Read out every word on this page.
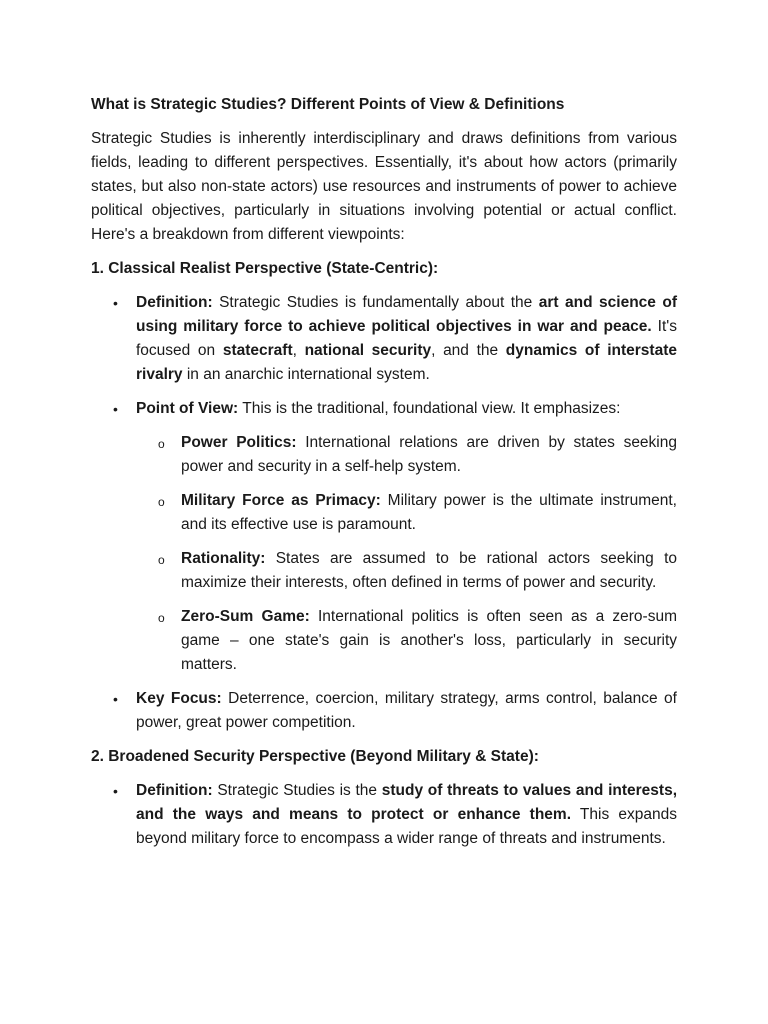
What is Strategic Studies? Different Points of View & Definitions

Strategic Studies is inherently interdisciplinary and draws definitions from various fields, leading to different perspectives. Essentially, it's about how actors (primarily states, but also non-state actors) use resources and instruments of power to achieve political objectives, particularly in situations involving potential or actual conflict. Here's a breakdown from different viewpoints:

1. Classical Realist Perspective (State-Centric):
• Definition: Strategic Studies is fundamentally about the art and science of using military force to achieve political objectives in war and peace. It's focused on statecraft, national security, and the dynamics of interstate rivalry in an anarchic international system.
• Point of View: This is the traditional, foundational view. It emphasizes:
o Power Politics: International relations are driven by states seeking power and security in a self-help system.
o Military Force as Primacy: Military power is the ultimate instrument, and its effective use is paramount.
o Rationality: States are assumed to be rational actors seeking to maximize their interests, often defined in terms of power and security.
o Zero-Sum Game: International politics is often seen as a zero-sum game – one state's gain is another's loss, particularly in security matters.
• Key Focus: Deterrence, coercion, military strategy, arms control, balance of power, great power competition.
2. Broadened Security Perspective (Beyond Military & State):
• Definition: Strategic Studies is the study of threats to values and interests, and the ways and means to protect or enhance them. This expands beyond military force to encompass a wider range of threats and instruments.
